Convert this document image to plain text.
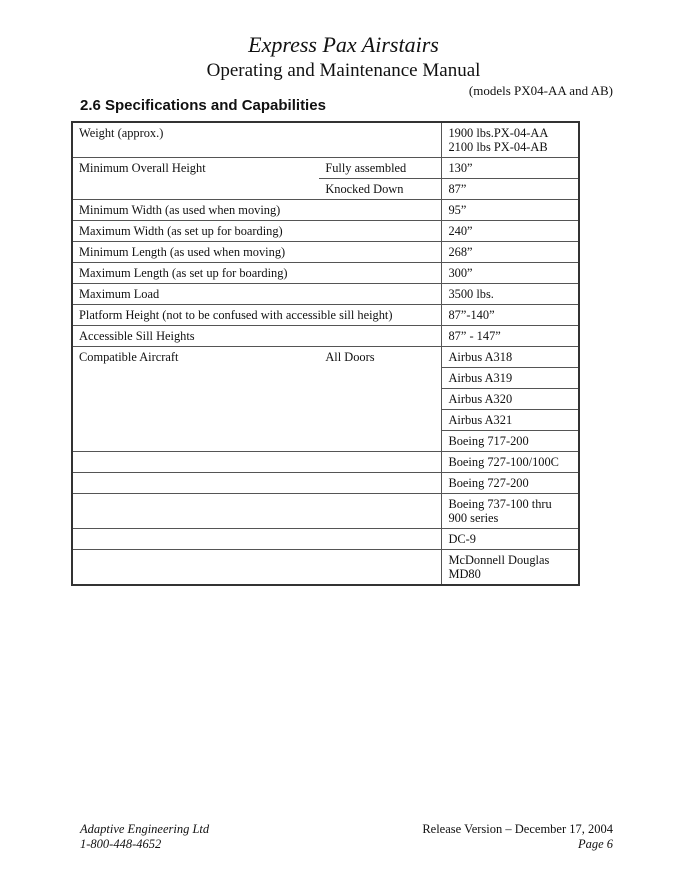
Express Pax Airstairs
Operating and Maintenance Manual
(models PX04-AA and AB)
2.6 Specifications and Capabilities
Weight (approx.)		1900 lbs.PX-04-AA
2100 lbs PX-04-AB

Minimum Overall Height	Fully assembled	130”
	Knocked Down	87”
Minimum Width (as used when moving)		95”
Maximum Width (as set up for boarding)		240”
Minimum Length (as used when moving)		268”
Maximum Length (as set up for boarding)		300”
Maximum Load		3500 lbs.
Platform Height (not to be confused with accessible sill height)		87”-140”
Accessible Sill Heights		87” - 147”
Compatible Aircraft	All Doors	Airbus A318
		Airbus A319
		Airbus A320
		Airbus A321
		Boeing 717-200
		Boeing 727-100/100C
		Boeing 727-200
		Boeing 737-100 thru 900 series
		DC-9
		McDonnell Douglas MD80
Adaptive Engineering Ltd
1-800-448-4652
Release Version – December 17, 2004
Page 6
